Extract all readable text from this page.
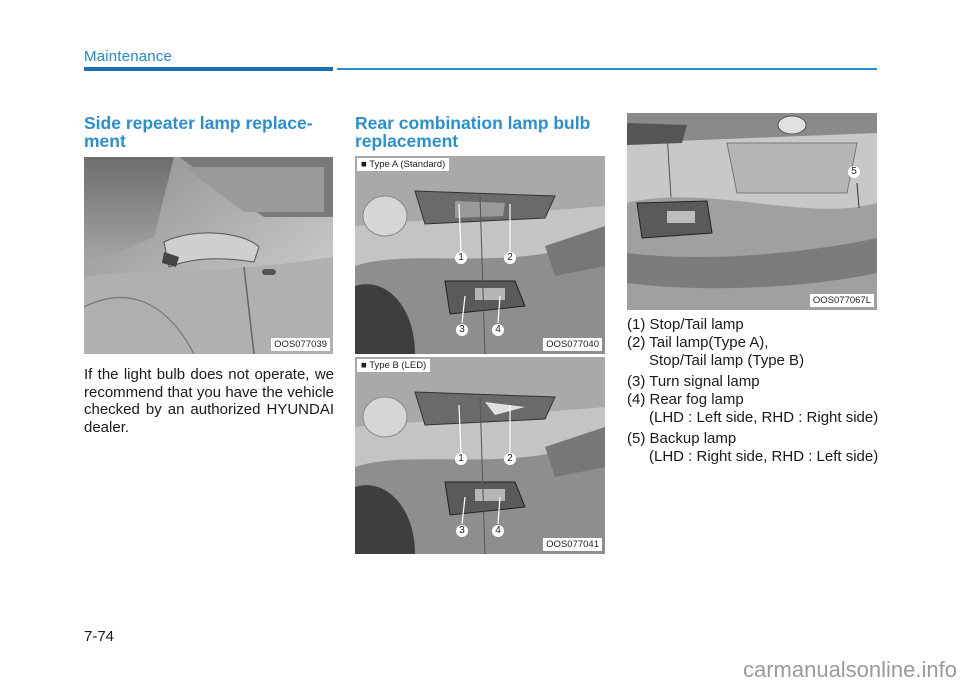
Maintenance
Side repeater lamp replace-
ment
OOS077039
If the light bulb does not operate, we recommend that you have the vehicle checked by an authorized HYUNDAI dealer.
Rear combination lamp bulb
replacement
■ Type A (Standard)
1	2
3	4
OOS077040
■ Type B (LED)
1	2
3	4
OOS077041
5
OOS077067L
(1) Stop/Tail lamp
(2) Tail lamp(Type A),
Stop/Tail lamp (Type B)
(3) Turn signal lamp
(4) Rear fog lamp
(LHD : Left side, RHD : Right side)
(5) Backup lamp
(LHD : Right side, RHD : Left side)
7-74
carmanualsonline.info
